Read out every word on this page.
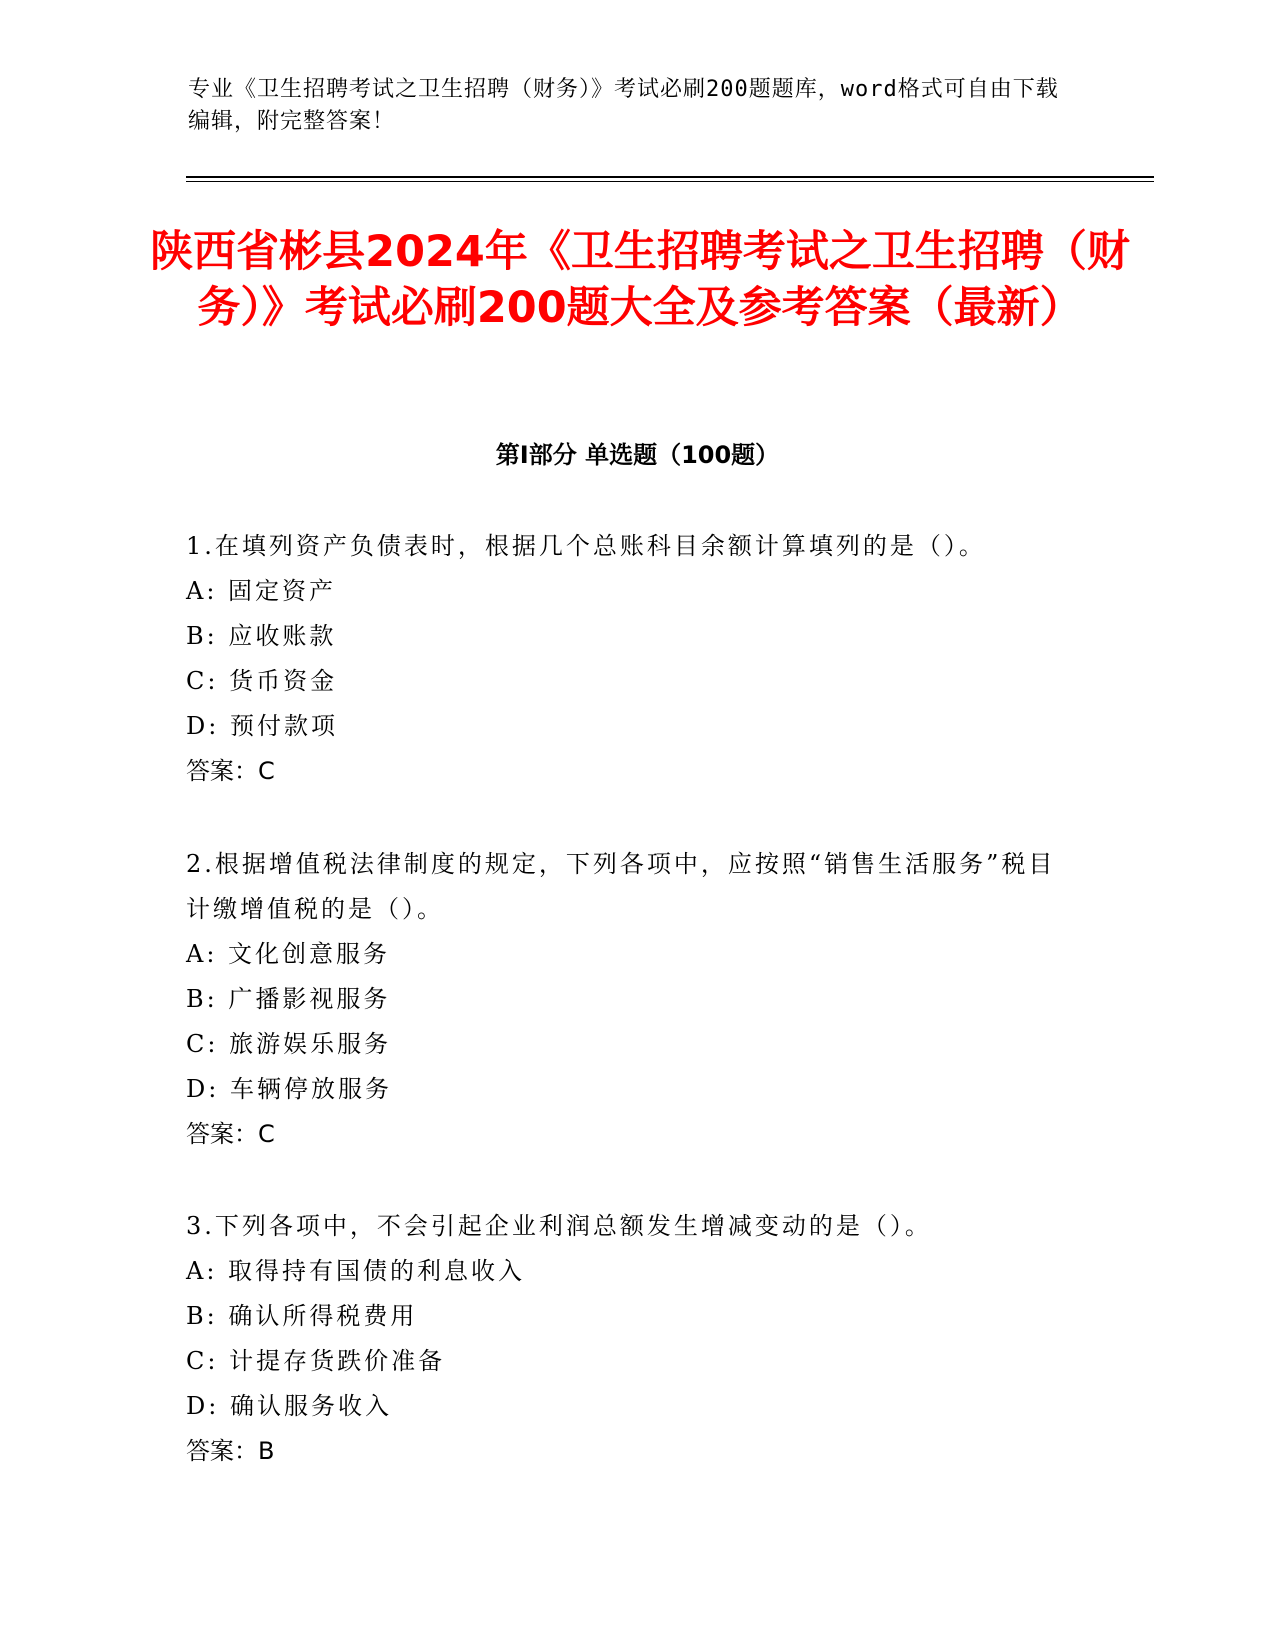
专业《卫生招聘考试之卫生招聘（财务）》考试必刷200题题库，word格式可自由下载编辑，附完整答案！
陕西省彬县2024年《卫生招聘考试之卫生招聘（财务）》考试必刷200题大全及参考答案（最新）
第I部分 单选题（100题）

1.在填列资产负债表时，根据几个总账科目余额计算填列的是（）。

A: 固定资产

B: 应收账款

C: 货币资金

D: 预付款项

答案：C

2.根据增值税法律制度的规定，下列各项中，应按照“销售生活服务”税目计缴增值税的是（）。

A: 文化创意服务

B: 广播影视服务

C: 旅游娱乐服务

D: 车辆停放服务

答案：C

3.下列各项中，不会引起企业利润总额发生增减变动的是（）。

A: 取得持有国债的利息收入

B: 确认所得税费用

C: 计提存货跌价准备

D: 确认服务收入

答案：B
